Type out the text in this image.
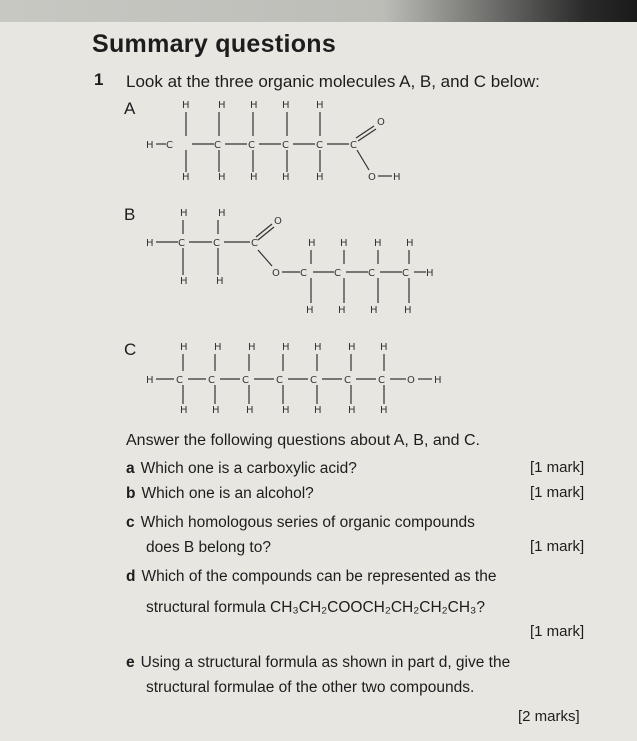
Summary questions
1 Look at the three organic molecules A, B, and C below:
A
B
C
H C
H
H
C
H
H
C
H
H
C
H
H
C
H
H
C
O
O H
H C
H
H
C
H
H
C
O
O C
H
H
C
H
H
C
H
H
C
H
H
H
H C
H
H
C
H
H
C
H
H
C
H
H
C
H
H
C
H
H
C
H
H
O H
Answer the following questions about A, B, and C.
a Which one is a carboxylic acid?	[1 mark]
b Which one is an alcohol?	[1 mark]
c Which homologous series of organic compounds
does B belong to?	[1 mark]
d Which of the compounds can be represented as the
structural formula CH₃CH₂COOCH₂CH₂CH₂CH₃?
[1 mark]
e Using a structural formula as shown in part d, give the
structural formulae of the other two compounds.
[2 marks]
